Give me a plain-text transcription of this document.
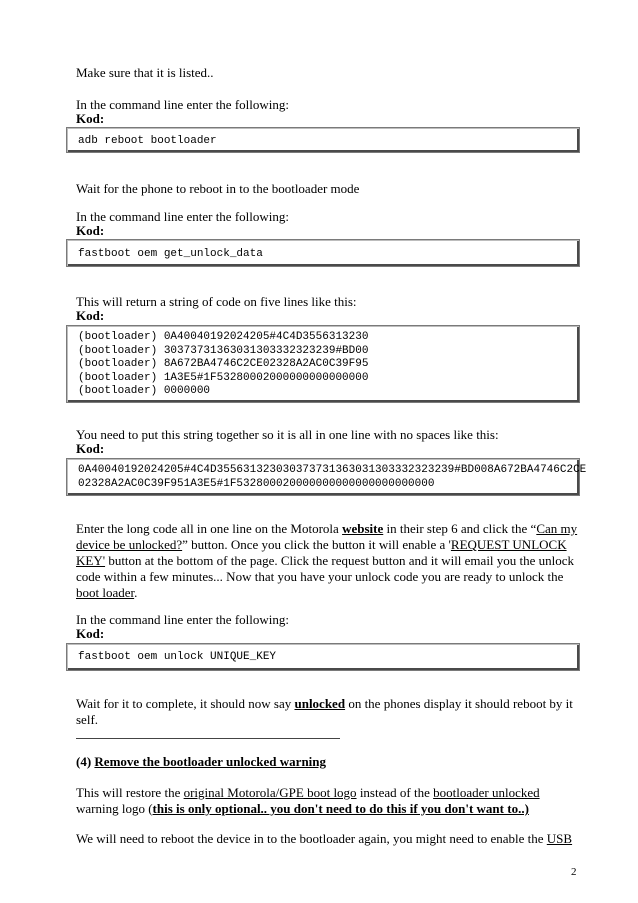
Make sure that it is listed..
In the command line enter the following:
Kod:
adb reboot bootloader
Wait for the phone to reboot in to the bootloader mode
In the command line enter the following:
Kod:
fastboot oem get_unlock_data
This will return a string of code on five lines like this:
Kod:
(bootloader) 0A40040192024205#4C4D3556313230
(bootloader) 30373731363031303332323239#BD00
(bootloader) 8A672BA4746C2CE02328A2AC0C39F95
(bootloader) 1A3E5#1F53280002000000000000000
(bootloader) 0000000
You need to put this string together so it is all in one line with no spaces like this:
Kod:
0A40040192024205#4C4D355631323030373731363031303332323239#BD008A672BA4746C2CE
02328A2AC0C39F951A3E5#1F532800020000000000000000000000
Enter the long code all in one line on the Motorola website in their step 6 and click the “Can my
device be unlocked?” button. Once you click the button it will enable a 'REQUEST UNLOCK
KEY' button at the bottom of the page. Click the request button and it will email you the unlock
code within a few minutes... Now that you have your unlock code you are ready to unlock the
boot loader.
In the command line enter the following:
Kod:
fastboot oem unlock UNIQUE_KEY
Wait for it to complete, it should now say unlocked on the phones display it should reboot by it
self.
(4) Remove the bootloader unlocked warning
This will restore the original Motorola/GPE boot logo instead of the bootloader unlocked
warning logo (this is only optional.. you don't need to do this if you don't want to..)
We will need to reboot the device in to the bootloader again, you might need to enable the USB
2
